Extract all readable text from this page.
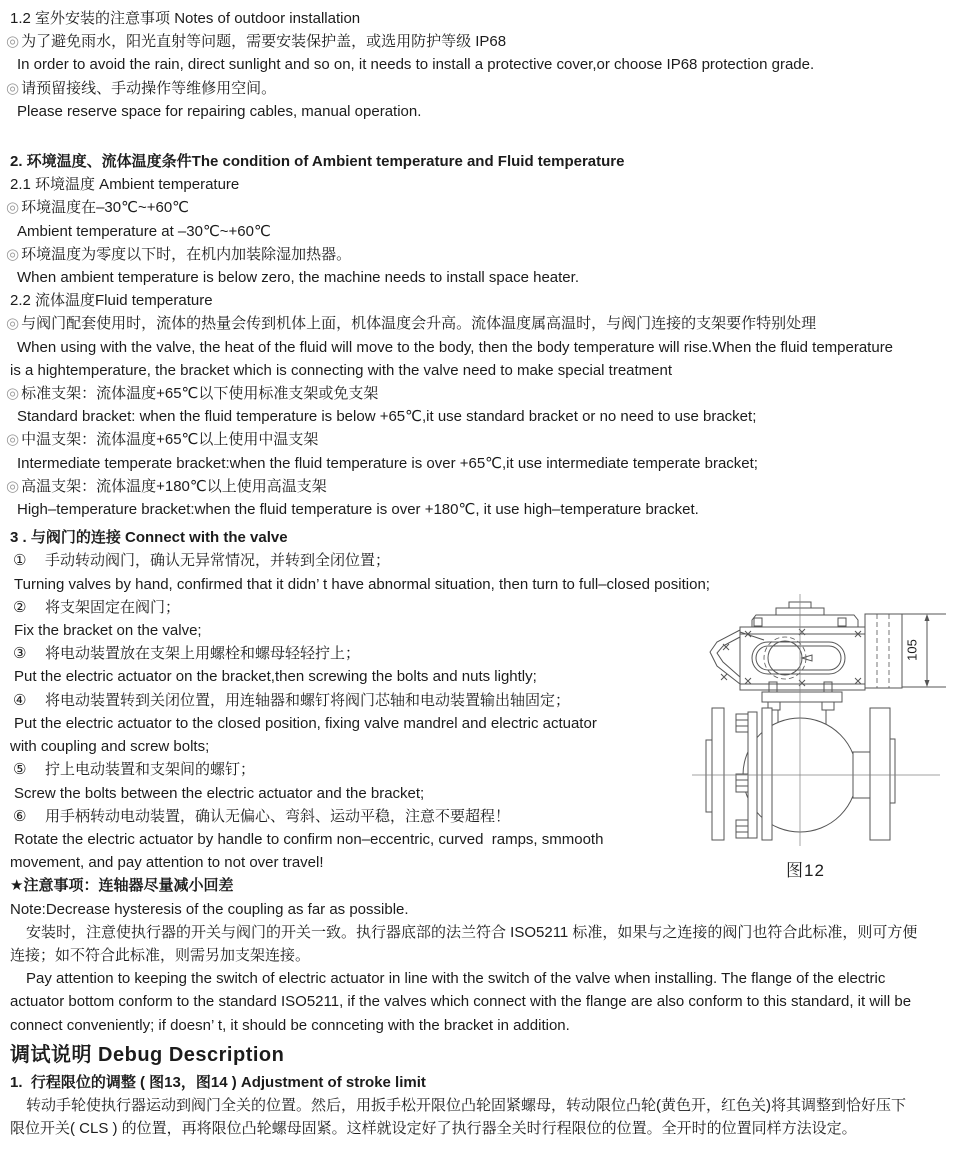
1.2 室外安装的注意事项 Notes of outdoor installation
◎ 为了避免雨水，阳光直射等问题，需要安装保护盖，或选用防护等级 IP68
In order to avoid the rain, direct sunlight and so on, it needs to install a protective cover,or choose IP68 protection grade.
◎ 请预留接线、手动操作等维修用空间。
Please reserve space for repairing cables, manual operation.
2. 环境温度、流体温度条件The condition of Ambient temperature and Fluid temperature
2.1 环境温度 Ambient temperature
◎ 环境温度在–30℃~+60℃
Ambient temperature at –30℃~+60℃
◎ 环境温度为零度以下时，在机内加装除湿加热器。
When ambient temperature is below zero, the machine needs to install space heater.
2.2 流体温度Fluid temperature
◎ 与阀门配套使用时，流体的热量会传到机体上面，机体温度会升高。流体温度属高温时，与阀门连接的支架要作特别处理
When using with the valve, the heat of the fluid will move to the body, then the body temperature will rise.When the fluid temperature
is a hightemperature, the bracket which is connecting with the valve need to make special treatment
◎ 标准支架：流体温度+65℃以下使用标准支架或免支架
Standard bracket: when the fluid temperature is below +65℃,it use standard bracket or no need to use bracket;
◎ 中温支架：流体温度+65℃以上使用中温支架
Intermediate temperate bracket:when the fluid temperature is over +65℃,it use intermediate temperate bracket;
◎ 高温支架：流体温度+180℃以上使用高温支架
High–temperature bracket:when the fluid temperature is over +180℃, it use high–temperature bracket.
3 . 与阀门的连接 Connect with the valve
①	手动转动阀门，确认无异常情况，并转到全闭位置；
Turning valves by hand, confirmed that it didn’ t have abnormal situation, then turn to full–closed position;
②	将支架固定在阀门；
Fix the bracket on the valve;
③	将电动装置放在支架上用螺栓和螺母轻轻拧上；
Put the electric actuator on the bracket,then screwing the bolts and nuts lightly;
④	将电动装置转到关闭位置，用连轴器和螺钉将阀门芯轴和电动装置输出轴固定；
Put the electric actuator to the closed position, fixing valve mandrel and electric actuator
with coupling and screw bolts;
⑤	拧上电动装置和支架间的螺钉；
Screw the bolts between the electric actuator and the bracket;
⑥	用手柄转动电动装置，确认无偏心、弯斜、运动平稳，注意不要超程！
Rotate the electric actuator by handle to confirm non–eccentric, curved  ramps, smmooth
movement, and pay attention to not over travel!
★注意事项：连轴器尽量减小回差
Note:Decrease hysteresis of the coupling as far as possible.
安装时，注意使执行器的开关与阀门的开关一致。执行器底部的法兰符合 ISO5211 标准，如果与之连接的阀门也符合此标准，则可方便
连接；如不符合此标准，则需另加支架连接。
Pay attention to keeping the switch of electric actuator in line with the switch of the valve when installing. The flange of the electric
actuator bottom conform to the standard ISO5211, if the valves which connect with the flange are also conform to this standard, it will be
connect conveniently; if doesn’ t, it should be connceting with the bracket in addition.
调试说明 Debug Description
1.  行程限位的调整 ( 图13，图14 ) Adjustment of stroke limit
转动手轮使执行器运动到阀门全关的位置。然后，用扳手松开限位凸轮固紧螺母，转动限位凸轮(黄色开，红色关)将其调整到恰好压下
限位开关( CLS ) 的位置，再将限位凸轮螺母固紧。这样就设定好了执行器全关时行程限位的位置。全开时的位置同样方法设定。
105
图12
